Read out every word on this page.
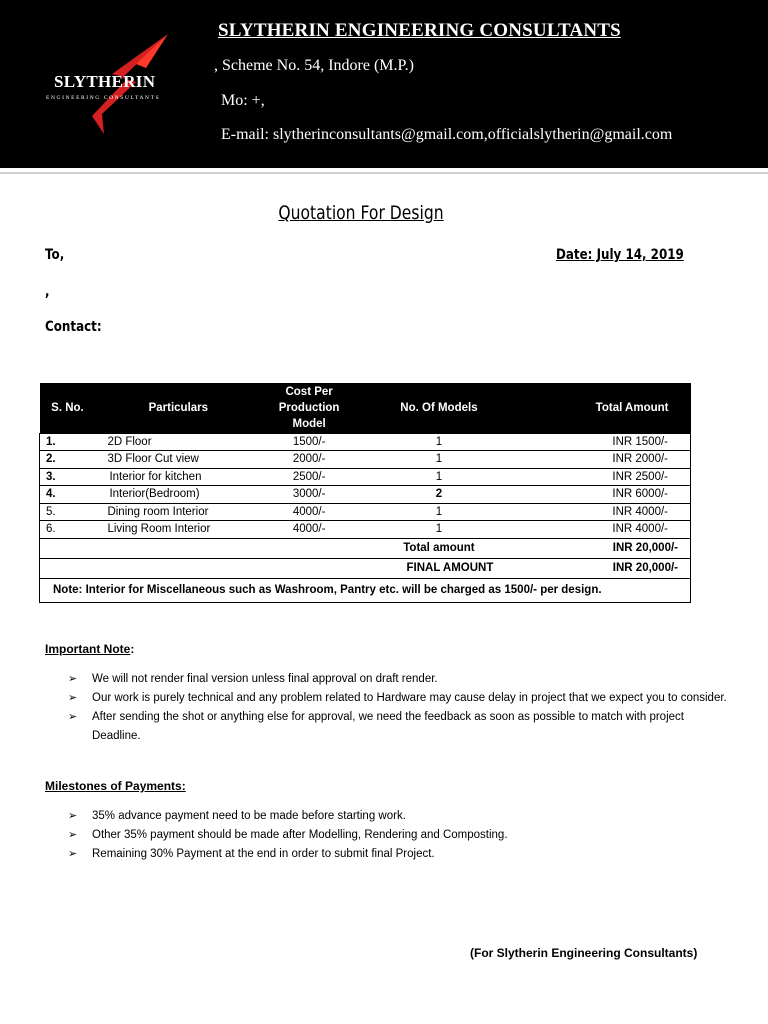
SLYTHERIN
ENGINEERING CONSULTANTS
SLYTHERIN ENGINEERING CONSULTANTS
, Scheme No. 54, Indore (M.P.)
Mo: +,
E-mail: slytherinconsultants@gmail.com,officialslytherin@gmail.com
Quotation For Design
To,	Date: July 14, 2019
,
Contact:
S. No.	Particulars	Cost Per Production Model	No. Of Models	Total Amount
1.	2D Floor	1500/-	1	INR 1500/-
2.	3D Floor Cut view	2000/-	1	INR 2000/-
3.	Interior for kitchen	2500/-	1	INR 2500/-
4.	Interior(Bedroom)	3000/-	2	INR 6000/-
5.	Dining room Interior	4000/-	1	INR 4000/-
6.	Living Room Interior	4000/-	1	INR 4000/-
			Total amount	INR 20,000/-
			FINAL AMOUNT	INR 20,000/-
Note: Interior for Miscellaneous such as Washroom, Pantry etc. will be charged as 1500/- per design.				
Important Note:
➢ We will not render final version unless final approval on draft render.
➢ Our work is purely technical and any problem related to Hardware may cause delay in project that we expect you to consider.
➢ After sending the shot or anything else for approval, we need the feedback as soon as possible to match with project Deadline.
Milestones of Payments:
➢ 35% advance payment need to be made before starting work.
➢ Other 35% payment should be made after Modelling, Rendering and Composting.
➢ Remaining 30% Payment at the end in order to submit final Project.
(For Slytherin Engineering Consultants)
